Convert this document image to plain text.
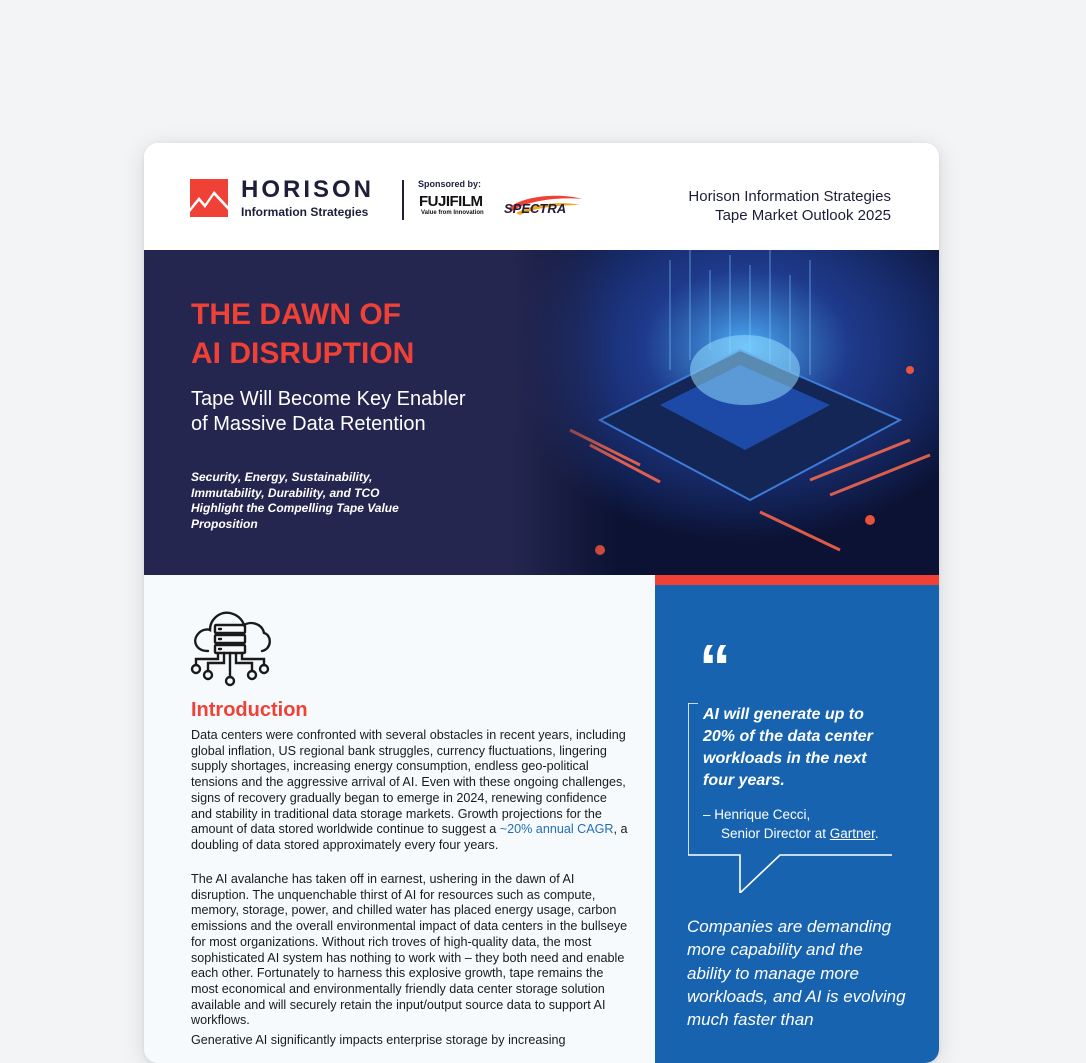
HORISON
Information Strategies
Sponsored by:
FUJIFILM
Value from Innovation SPECTRA
Horison Information Strategies
Tape Market Outlook 2025
THE DAWN OF
AI DISRUPTION
Tape Will Become Key Enabler of Massive Data Retention
Security, Energy, Sustainability, Immutability, Durability, and TCO Highlight the Compelling Tape Value Proposition
Introduction
Data centers were confronted with several obstacles in recent years, including global inflation, US regional bank struggles, currency fluctuations, lingering supply shortages, increasing energy consumption, endless geo-political tensions and the aggressive arrival of AI. Even with these ongoing challenges, signs of recovery gradually began to emerge in 2024, renewing confidence and stability in traditional data storage markets. Growth projections for the amount of data stored worldwide continue to suggest a ~20% annual CAGR, a doubling of data stored approximately every four years.
The AI avalanche has taken off in earnest, ushering in the dawn of AI disruption. The unquenchable thirst of AI for resources such as compute, memory, storage, power, and chilled water has placed energy usage, carbon emissions and the overall environmental impact of data centers in the bullseye for most organizations. Without rich troves of high-quality data, the most sophisticated AI system has nothing to work with – they both need and enable each other. Fortunately to harness this explosive growth, tape remains the most economical and environmentally friendly data center storage solution available and will securely retain the input/output source data to support AI workflows.
Generative AI significantly impacts enterprise storage by increasing
“
AI will generate up to 20% of the data center workloads in the next four years.
– Henrique Cecci,
Senior Director at Gartner.
Companies are demanding more capability and the ability to manage more workloads, and AI is evolving much faster than
